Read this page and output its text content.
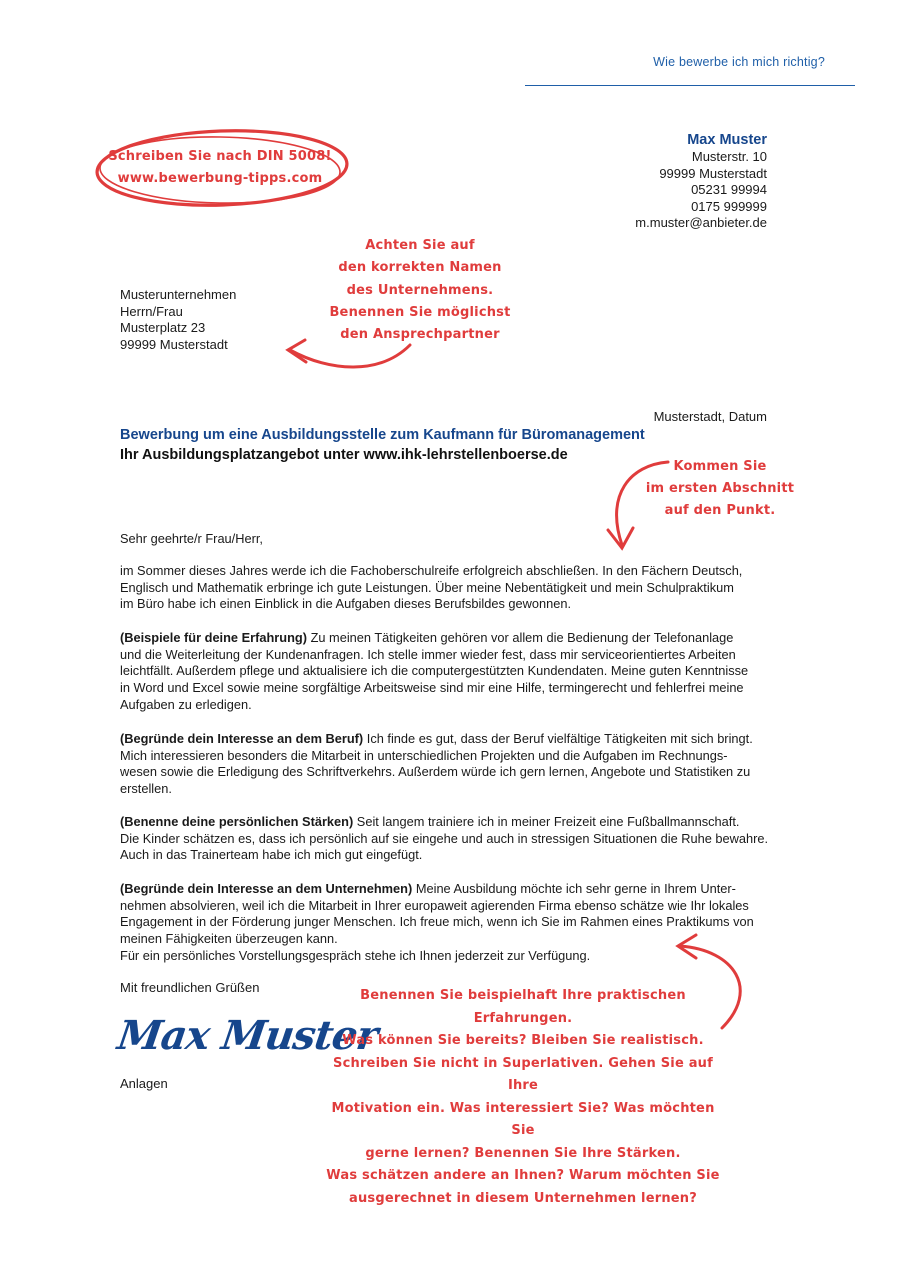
Wie bewerbe ich mich richtig?
Max Muster
Musterstr. 10
99999 Musterstadt
05231 99994
0175 999999
m.muster@anbieter.de
Schreiben Sie nach DIN 5008!
www.bewerbung-tipps.com
Achten Sie auf
den korrekten Namen
des Unternehmens.
Benennen Sie möglichst
den Ansprechpartner
Musterunternehmen
Herrn/Frau
Musterplatz 23
99999 Musterstadt
Musterstadt, Datum
Bewerbung um eine Ausbildungsstelle zum Kaufmann für Büromanagement
Ihr Ausbildungsplatzangebot unter www.ihk-lehrstellenboerse.de
Kommen Sie
im ersten Abschnitt
auf den Punkt.
Sehr geehrte/r Frau/Herr,

im Sommer dieses Jahres werde ich die Fachoberschulreife erfolgreich abschließen. In den Fächern Deutsch,

Englisch und Mathematik erbringe ich gute Leistungen. Über meine Nebentätigkeit und mein Schulpraktikum

im Büro habe ich einen Einblick in die Aufgaben dieses Berufsbildes gewonnen.

(Beispiele für deine Erfahrung) Zu meinen Tätigkeiten gehören vor allem die Bedienung der Telefonanlage

und die Weiterleitung der Kundenanfragen. Ich stelle immer wieder fest, dass mir serviceorientiertes Arbeiten

leichtfällt. Außerdem pflege und aktualisiere ich die computergestützten Kundendaten. Meine guten Kenntnisse

in Word und Excel sowie meine sorgfältige Arbeitsweise sind mir eine Hilfe, termingerecht und fehlerfrei meine

Aufgaben zu erledigen.

(Begründe dein Interesse an dem Beruf) Ich finde es gut, dass der Beruf vielfältige Tätigkeiten mit sich bringt.

Mich interessieren besonders die Mitarbeit in unterschiedlichen Projekten und die Aufgaben im Rechnungs-

wesen sowie die Erledigung des Schriftverkehrs. Außerdem würde ich gern lernen, Angebote und Statistiken zu

erstellen.

(Benenne deine persönlichen Stärken) Seit langem trainiere ich in meiner Freizeit eine Fußballmannschaft.

Die Kinder schätzen es, dass ich persönlich auf sie eingehe und auch in stressigen Situationen die Ruhe bewahre.

Auch in das Trainerteam habe ich mich gut eingefügt.

(Begründe dein Interesse an dem Unternehmen) Meine Ausbildung möchte ich sehr gerne in Ihrem Unter-

nehmen absolvieren, weil ich die Mitarbeit in Ihrer europaweit agierenden Firma ebenso schätze wie Ihr lokales

Engagement in der Förderung junger Menschen. Ich freue mich, wenn ich Sie im Rahmen eines Praktikums von

meinen Fähigkeiten überzeugen kann.

Für ein persönliches Vorstellungsgespräch stehe ich Ihnen jederzeit zur Verfügung.

Mit freundlichen Grüßen
Max Muster
Anlagen
Benennen Sie beispielhaft Ihre praktischen Erfahrungen.
Was können Sie bereits? Bleiben Sie realistisch.
Schreiben Sie nicht in Superlativen. Gehen Sie auf Ihre
Motivation ein. Was interessiert Sie? Was möchten Sie
gerne lernen? Benennen Sie Ihre Stärken.
Was schätzen andere an Ihnen? Warum möchten Sie
ausgerechnet in diesem Unternehmen lernen?
